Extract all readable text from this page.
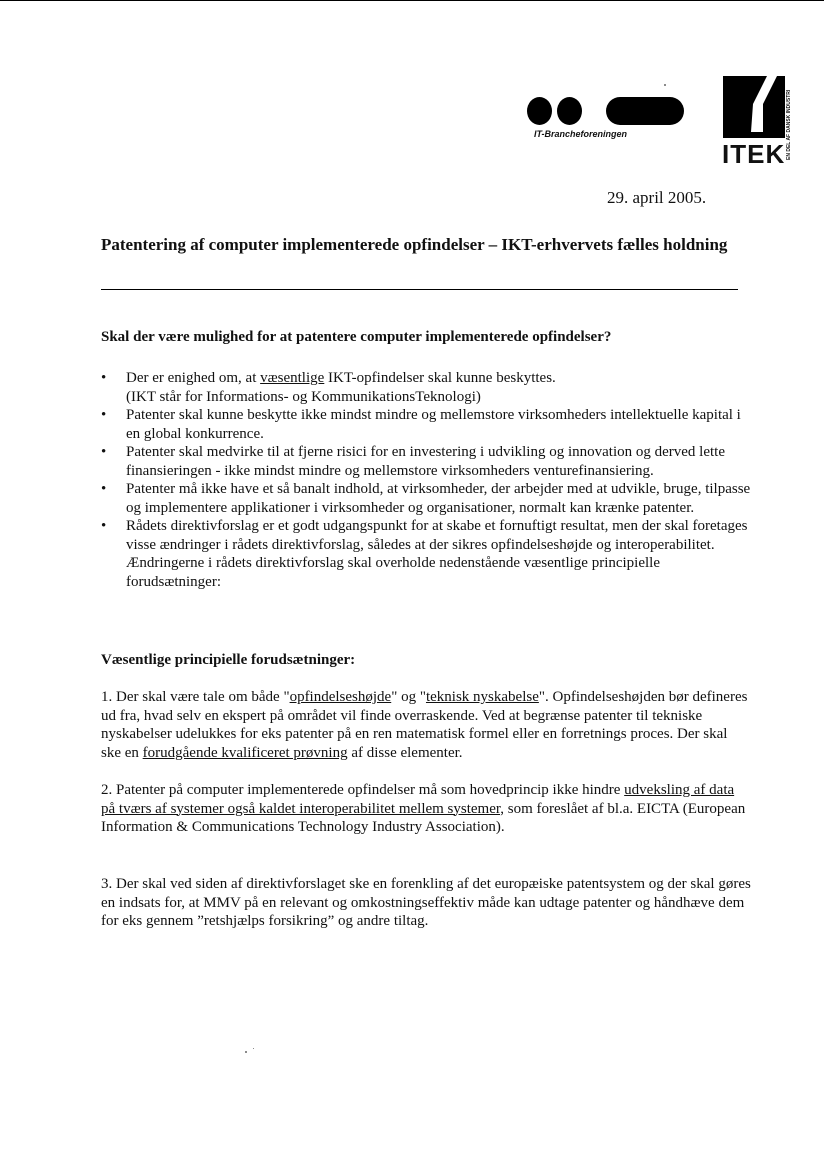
IT-Brancheforeningen
ITEK EN DEL AF DANSK INDUSTRI
29. april 2005.
Patentering af computer implementerede opfindelser – IKT-erhvervets fælles holdning
Skal der være mulighed for at patentere computer implementerede opfindelser?
• Der er enighed om, at væsentlige IKT-opfindelser skal kunne beskyttes.
(IKT står for Informations- og KommunikationsTeknologi)
• Patenter skal kunne beskytte ikke mindst mindre og mellemstore virksomheders intellektuelle kapital i en global konkurrence.
• Patenter skal medvirke til at fjerne risici for en investering i udvikling og innovation og derved lette finansieringen - ikke mindst mindre og mellemstore virksomheders venturefinansiering.
• Patenter må ikke have et så banalt indhold, at virksomheder, der arbejder med at udvikle, bruge, tilpasse og implementere applikationer i virksomheder og organisationer, normalt kan krænke patenter.
• Rådets direktivforslag er et godt udgangspunkt for at skabe et fornuftigt resultat, men der skal foretages visse ændringer i rådets direktivforslag, således at der sikres opfindelseshøjde og interoperabilitet. Ændringerne i rådets direktivforslag skal overholde nedenstående væsentlige principielle forudsætninger:
Væsentlige principielle forudsætninger:

1. Der skal være tale om både "opfindelseshøjde" og "teknisk nyskabelse". Opfindelseshøjden bør defineres ud fra, hvad selv en ekspert på området vil finde overraskende. Ved at begrænse patenter til tekniske nyskabelser udelukkes for eks patenter på en ren matematisk formel eller en forretnings proces. Der skal ske en forudgående kvalificeret prøvning af disse elementer.

2. Patenter på computer implementerede opfindelser må som hovedprincip ikke hindre udveksling af data på tværs af systemer også kaldet interoperabilitet mellem systemer, som foreslået af bl.a. EICTA (European Information & Communications Technology Industry Association).

3. Der skal ved siden af direktivforslaget ske en forenkling af det europæiske patentsystem og der skal gøres en indsats for, at MMV på en relevant og omkostningseffektiv måde kan udtage patenter og håndhæve dem for eks gennem ”retshjælps forsikring” og andre tiltag.
